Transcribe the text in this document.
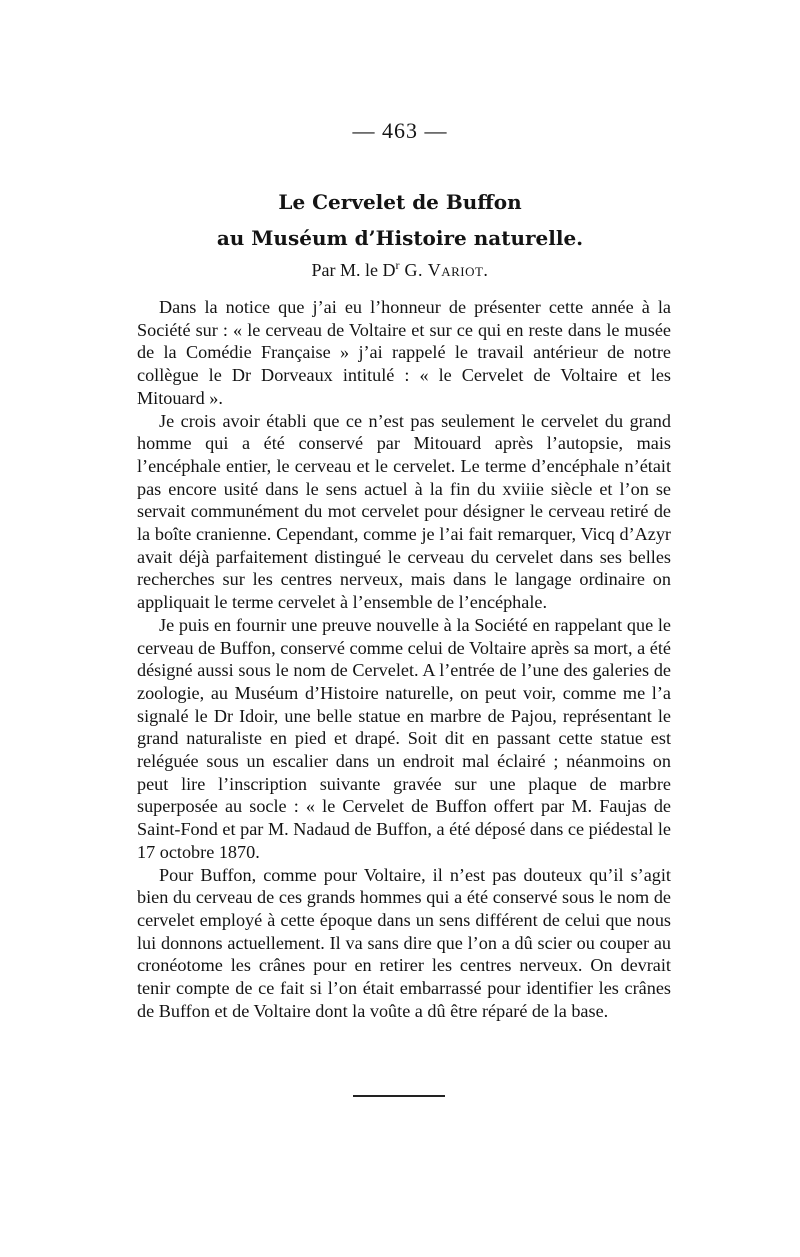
— 463 —
Le Cervelet de Buffon
au Muséum d’Histoire naturelle.
Par M. le $D^r$ G. Variot.

Dans la notice que j’ai eu l’honneur de présenter cette année à la Société sur : « le cerveau de Voltaire et sur ce qui en reste dans le musée de la Comédie Française » j’ai rappelé le travail antérieur de notre collègue le Dr Dorveaux intitulé : « le Cervelet de Voltaire et les Mitouard ».

Je crois avoir établi que ce n’est pas seulement le cervelet du grand homme qui a été conservé par Mitouard après l’autopsie, mais l’encéphale entier, le cerveau et le cervelet. Le terme d’encéphale n’était pas encore usité dans le sens actuel à la fin du xviiie siècle et l’on se servait communément du mot cervelet pour désigner le cerveau retiré de la boîte cranienne. Cependant, comme je l’ai fait remarquer, Vicq d’Azyr avait déjà parfaitement distingué le cerveau du cervelet dans ses belles recherches sur les centres nerveux, mais dans le langage ordinaire on appliquait le terme cervelet à l’ensemble de l’encéphale.

Je puis en fournir une preuve nouvelle à la Société en rappelant que le cerveau de Buffon, conservé comme celui de Voltaire après sa mort, a été désigné aussi sous le nom de Cervelet. A l’entrée de l’une des galeries de zoologie, au Muséum d’Histoire naturelle, on peut voir, comme me l’a signalé le Dr Idoir, une belle statue en marbre de Pajou, représentant le grand naturaliste en pied et drapé. Soit dit en passant cette statue est reléguée sous un escalier dans un endroit mal éclairé ; néanmoins on peut lire l’inscription suivante gravée sur une plaque de marbre superposée au socle : « le Cervelet de Buffon offert par M. Faujas de Saint-Fond et par M. Nadaud de Buffon, a été déposé dans ce piédestal le 17 octobre 1870.

Pour Buffon, comme pour Voltaire, il n’est pas douteux qu’il s’agit bien du cerveau de ces grands hommes qui a été conservé sous le nom de cervelet employé à cette époque dans un sens différent de celui que nous lui donnons actuellement. Il va sans dire que l’on a dû scier ou couper au cronéotome les crânes pour en retirer les centres nerveux. On devrait tenir compte de ce fait si l’on était embarrassé pour identifier les crânes de Buffon et de Voltaire dont la voûte a dû être réparé de la base.
